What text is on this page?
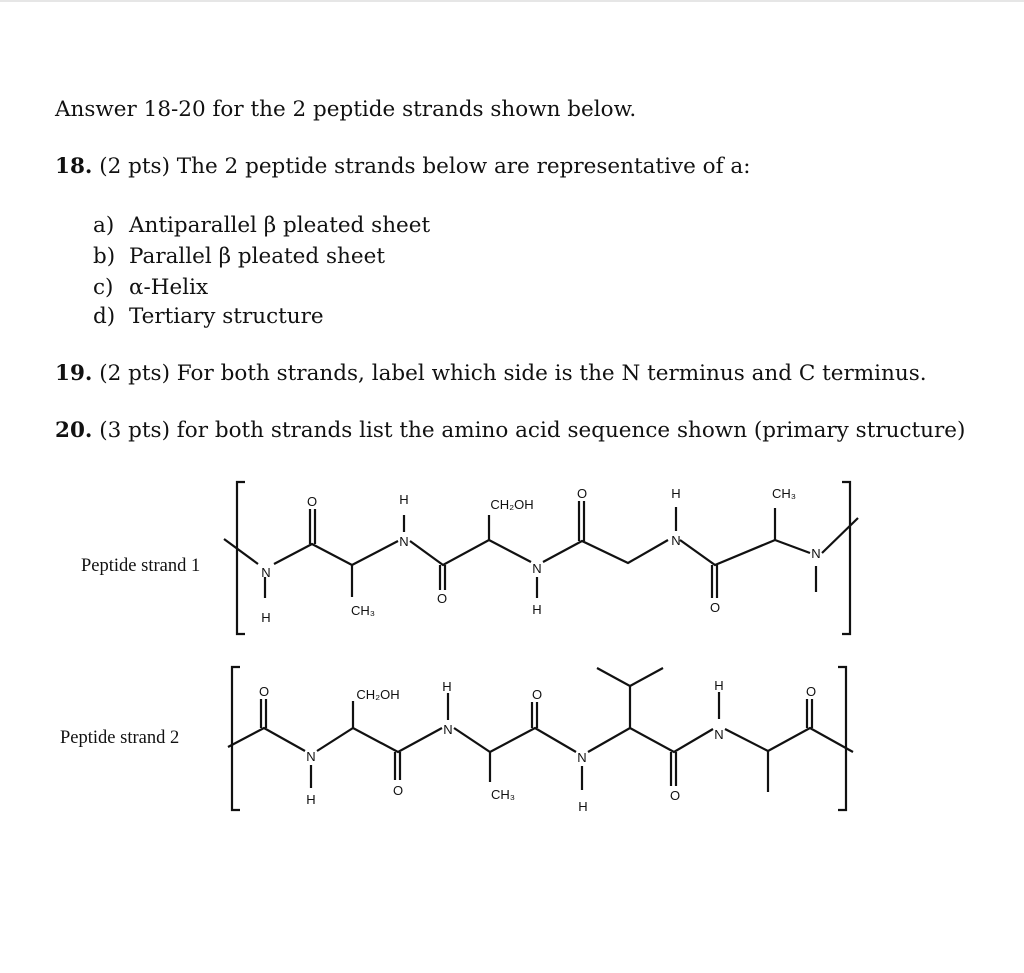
Answer 18-20 for the 2 peptide strands shown below.
18. (2 pts) The 2 peptide strands below are representative of a:
a) Antiparallel β pleated sheet
b) Parallel β pleated sheet
c) α-Helix
d) Tertiary structure
19. (2 pts) For both strands, label which side is the N terminus and C terminus.
20. (3 pts) for both strands list the amino acid sequence shown (primary structure)
Peptide strand 1
Peptide strand 2
N
H
O
CH₃
H
N
O
CH₂OH
N
H
O	H
N
O
CH₃
N
O
N
H
CH₂OH
O
H
N
CH₃
O
N
H
O
H
N
O
